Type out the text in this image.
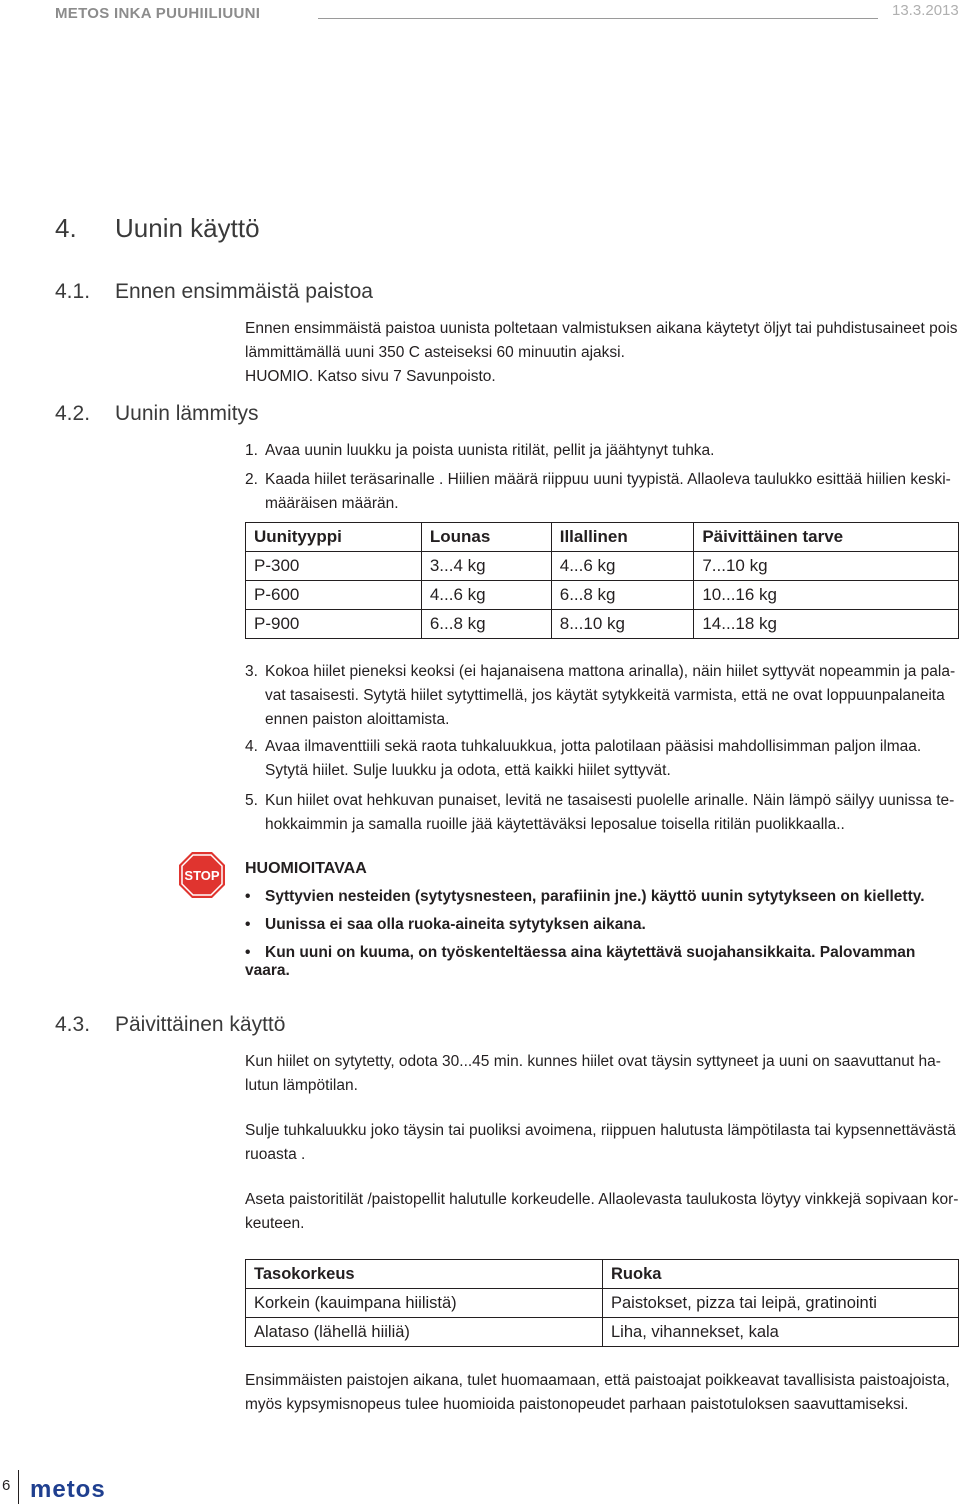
METOS INKA PUUHIILIUUNI	13.3.2013
4. Uunin käyttö
4.1. Ennen ensimmäistä paistoa
Ennen ensimmäistä paistoa uunista poltetaan valmistuksen aikana käytetyt öljyt tai puhdistusaineet pois
lämmittämällä uuni 350 C asteiseksi 60 minuutin ajaksi.
HUOMIO. Katso sivu 7 Savunpoisto.
4.2. Uunin lämmitys
1. Avaa uunin luukku ja poista uunista ritilät, pellit ja jäähtynyt tuhka.
2. Kaada hiilet teräsarinalle . Hiilien määrä riippuu uuni tyypistä. Allaoleva taulukko esittää hiilien keski-määräisen määrän.
Uunityyppi	Lounas	Illallinen	Päivittäinen tarve
P-300	3...4 kg	4...6 kg	7...10 kg
P-600	4...6 kg	6...8 kg	10...16 kg
P-900	6...8 kg	8...10 kg	14...18 kg
3. Kokoa hiilet pieneksi keoksi (ei hajanaisena mattona arinalla), näin hiilet syttyvät nopeammin ja pala-vat tasaisesti. Sytytä hiilet sytyttimellä, jos käytät sytykkeitä varmista, että ne ovat loppuunpalaneita ennen paiston aloittamista.
4. Avaa ilmaventtiili sekä raota tuhkaluukkua, jotta palotilaan pääsisi mahdollisimman paljon ilmaa. Sytytä hiilet. Sulje luukku ja odota, että kaikki hiilet syttyvät.
5. Kun hiilet ovat hehkuvan punaiset, levitä ne tasaisesti puolelle arinalle. Näin lämpö säilyy uunissa te-hokkaimmin ja samalla ruoille jää käytettäväksi leposalue toisella ritilän puolikkaalla..
STOP HUOMIOITAVAA
• Syttyvien nesteiden (sytytysnesteen, parafiinin jne.) käyttö uunin sytytykseen on kielletty.
• Uunissa ei saa olla ruoka-aineita sytytyksen aikana.
• Kun uuni on kuuma, on työskenteltäessa aina käytettävä suojahansikkaita. Palovamman vaara.
4.3. Päivittäinen käyttö
Kun hiilet on sytytetty, odota 30...45 min. kunnes hiilet ovat täysin syttyneet ja uuni on saavuttanut ha-lutun lämpötilan.
Sulje tuhkaluukku joko täysin tai puoliksi avoimena, riippuen halutusta lämpötilasta tai kypsennettävästä ruoasta .
Aseta paistoritilät /paistopellit halutulle korkeudelle. Allaolevasta taulukosta löytyy vinkkejä sopivaan kor-keuteen.
Tasokorkeus	Ruoka
Korkein (kauimpana hiilistä)	Paistokset, pizza tai leipä, gratinointi
Alataso (lähellä hiiliä)	Liha, vihannekset, kala
Ensimmäisten paistojen aikana, tulet huomaamaan, että paistoajat poikkeavat tavallisista paistoajoista, myös kypsymisnopeus tulee huomioida paistonopeudet parhaan paistotuloksen saavuttamiseksi.
6 metos
